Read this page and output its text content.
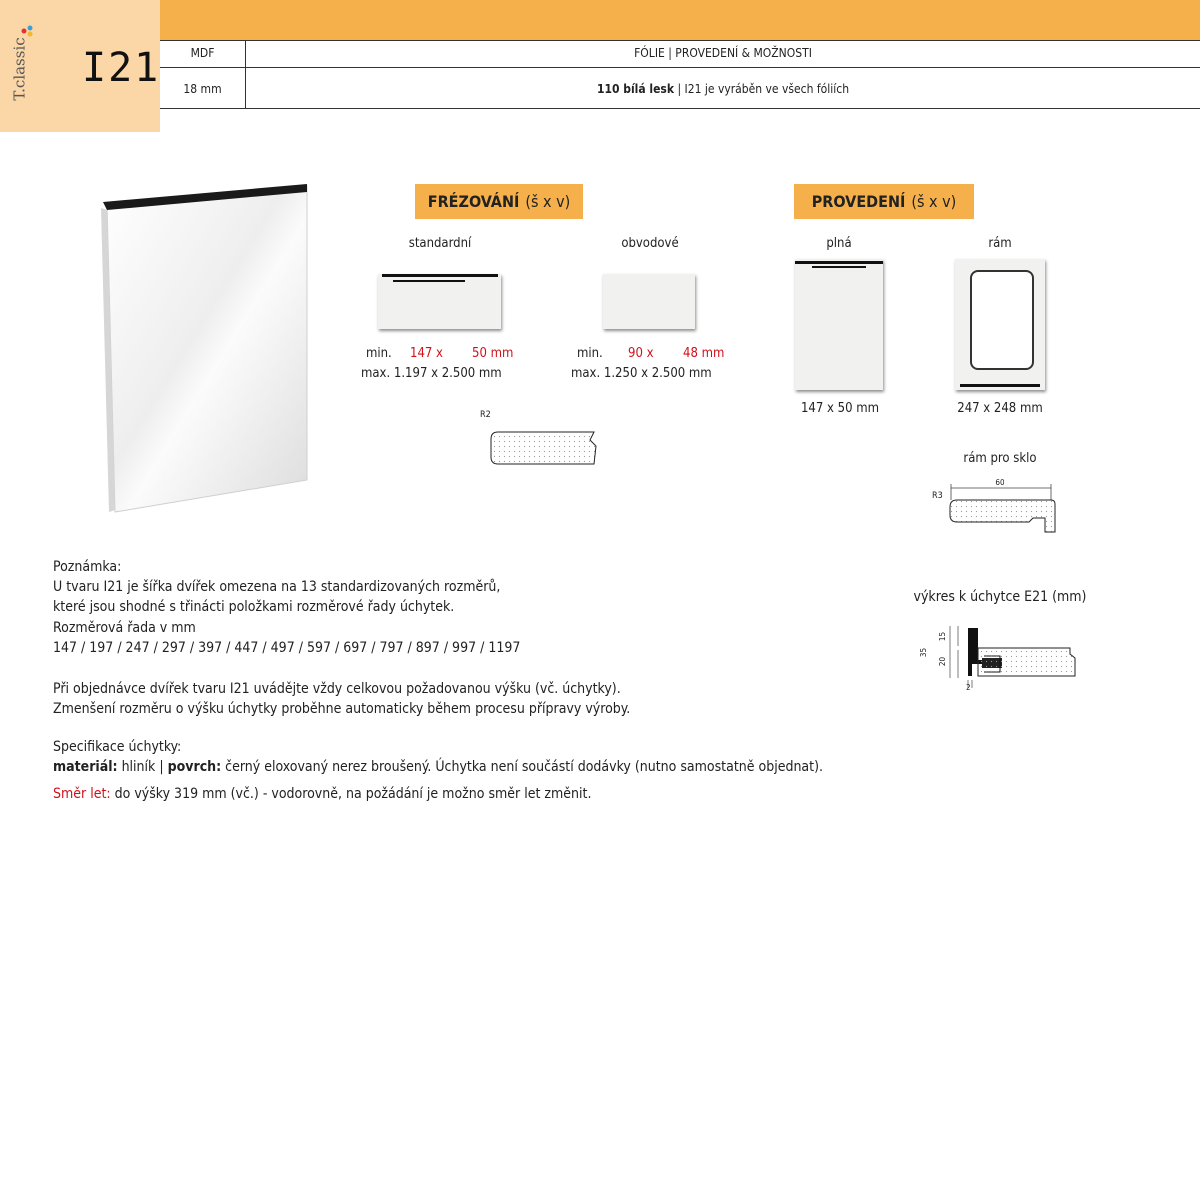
T.classic I21	MDF	FÓLIE | PROVEDENÍ & MOŽNOSTI
18 mm	110 bílá lesk | I21 je vyráběn ve všech fóliích
FRÉZOVÁNÍ (š x v)
standardní	obvodové
min. 147 x 50 mm
max. 1.197 x 2.500 mm
min. 90 x 48 mm
max. 1.250 x 2.500 mm
R2
PROVEDENÍ (š x v)
plná	rám
147 x 50 mm	247 x 248 mm
rám pro sklo
R3
60
výkres k úchytce E21 (mm)
35
15
20
2
Poznámka:
U tvaru I21 je šířka dvířek omezena na 13 standardizovaných rozměrů,
které jsou shodné s třinácti položkami rozměrové řady úchytek.
Rozměrová řada v mm
147 / 197 / 247 / 297 / 397 / 447 / 497 / 597 / 697 / 797 / 897 / 997 / 1197
Při objednávce dvířek tvaru I21 uvádějte vždy celkovou požadovanou výšku (vč. úchytky).
Zmenšení rozměru o výšku úchytky proběhne automaticky během procesu přípravy výroby.
Specifikace úchytky:
materiál: hliník | povrch: černý eloxovaný nerez broušený. Úchytka není součástí dodávky (nutno samostatně objednat).
Směr let: do výšky 319 mm (vč.) - vodorovně, na požádání je možno směr let změnit.
